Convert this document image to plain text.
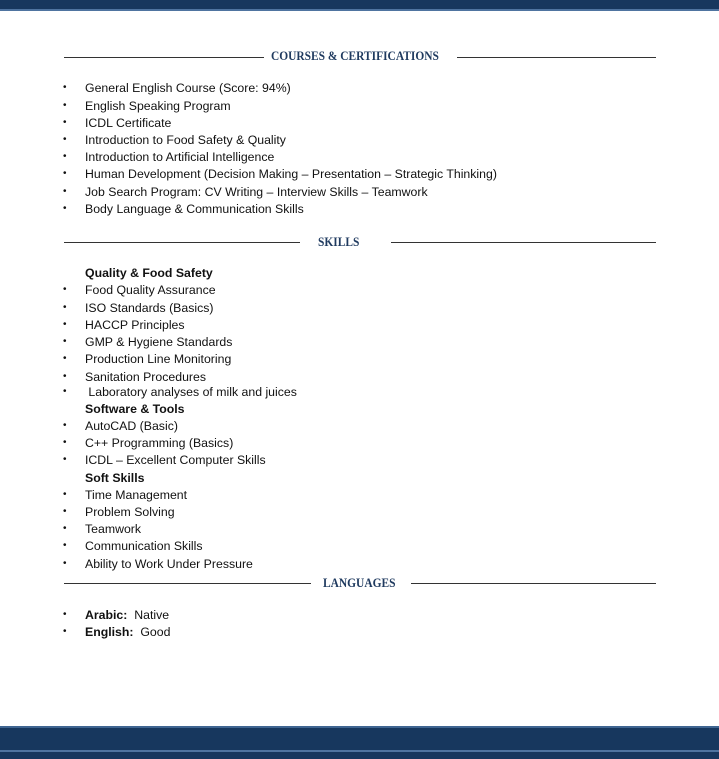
COURSES & CERTIFICATIONS
• General English Course (Score: 94%)
• English Speaking Program
• ICDL Certificate
• Introduction to Food Safety & Quality
• Introduction to Artificial Intelligence
• Human Development (Decision Making – Presentation – Strategic Thinking)
• Job Search Program: CV Writing – Interview Skills – Teamwork
• Body Language & Communication Skills
SKILLS
Quality & Food Safety
• Food Quality Assurance
• ISO Standards (Basics)
• HACCP Principles
• GMP & Hygiene Standards
• Production Line Monitoring
• Sanitation Procedures
• Laboratory analyses of milk and juices
Software & Tools
• AutoCAD (Basic)
• C++ Programming (Basics)
• ICDL – Excellent Computer Skills
Soft Skills
• Time Management
• Problem Solving
• Teamwork
• Communication Skills
• Ability to Work Under Pressure
LANGUAGES
• Arabic: Native
• English: Good
